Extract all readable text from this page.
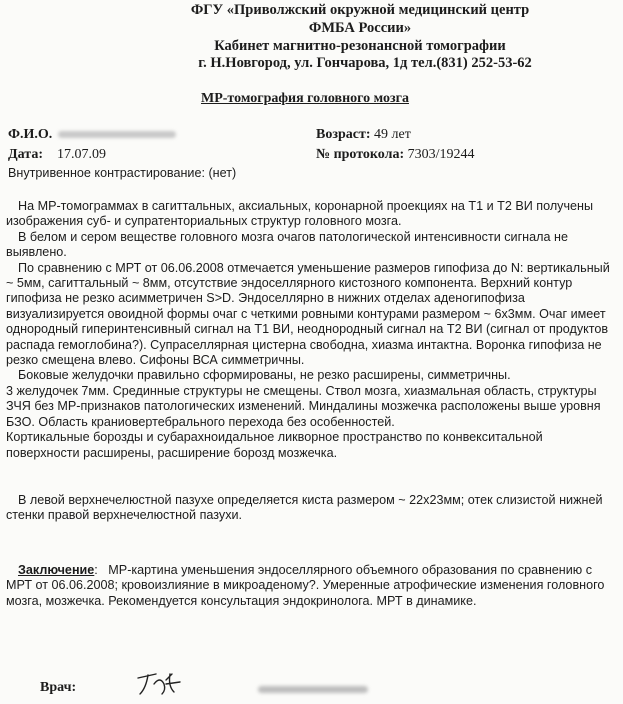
ФГУ «Приволжский окружной медицинский центр
ФМБА России»
Кабинет магнитно-резонансной томографии
г. Н.Новгород, ул. Гончарова, 1д тел.(831) 252-53-62
МР-томография головного мозга
Ф.И.О.	Возраст: 49 лет
Дата: 17.07.09	№ протокола: 7303/19244
Внутривенное контрастирование: (нет)

На МР-томограммах в сагиттальных, аксиальных, коронарной проекциях на Т1 и Т2 ВИ получены изображения суб- и супратенториальных структур головного мозга.

В белом и сером веществе головного мозга очагов патологической интенсивности сигнала не выявлено.

По сравнению с МРТ от 06.06.2008 отмечается уменьшение размеров гипофиза до N: вертикальный ~ 5мм, сагиттальный ~ 8мм, отсутствие эндоселлярного кистозного компонента. Верхний контур гипофиза не резко асимметричен S>D. Эндоселлярно в нижних отделах аденогипофиза визуализируется овоидной формы очаг с четкими ровными контурами размером ~ 6х3мм. Очаг имеет однородный гиперинтенсивный сигнал на Т1 ВИ, неоднородный сигнал на Т2 ВИ (сигнал от продуктов распада гемоглобина?). Супраселлярная цистерна свободна, хиазма интактна. Воронка гипофиза не резко смещена влево. Сифоны ВСА симметричны.

Боковые желудочки правильно сформированы, не резко расширены, симметричны.

3 желудочек 7мм. Срединные структуры не смещены. Ствол мозга, хиазмальная область, структуры ЗЧЯ без МР-признаков патологических изменений. Миндалины мозжечка расположены выше уровня БЗО. Область краниовертебрального перехода без особенностей.

Кортикальные борозды и субарахноидальное ликворное пространство по конвекситальной поверхности расширены, расширение борозд мозжечка.

В левой верхнечелюстной пазухе определяется киста размером ~ 22х23мм; отек слизистой нижней стенки правой верхнечелюстной пазухи.

Заключение:   МР-картина уменьшения эндоселлярного объемного образования по сравнению с МРТ от 06.06.2008; кровоизлияние в микроаденому?. Умеренные атрофические изменения головного мозга, мозжечка. Рекомендуется консультация эндокринолога. МРТ в динамике.

Врач:
